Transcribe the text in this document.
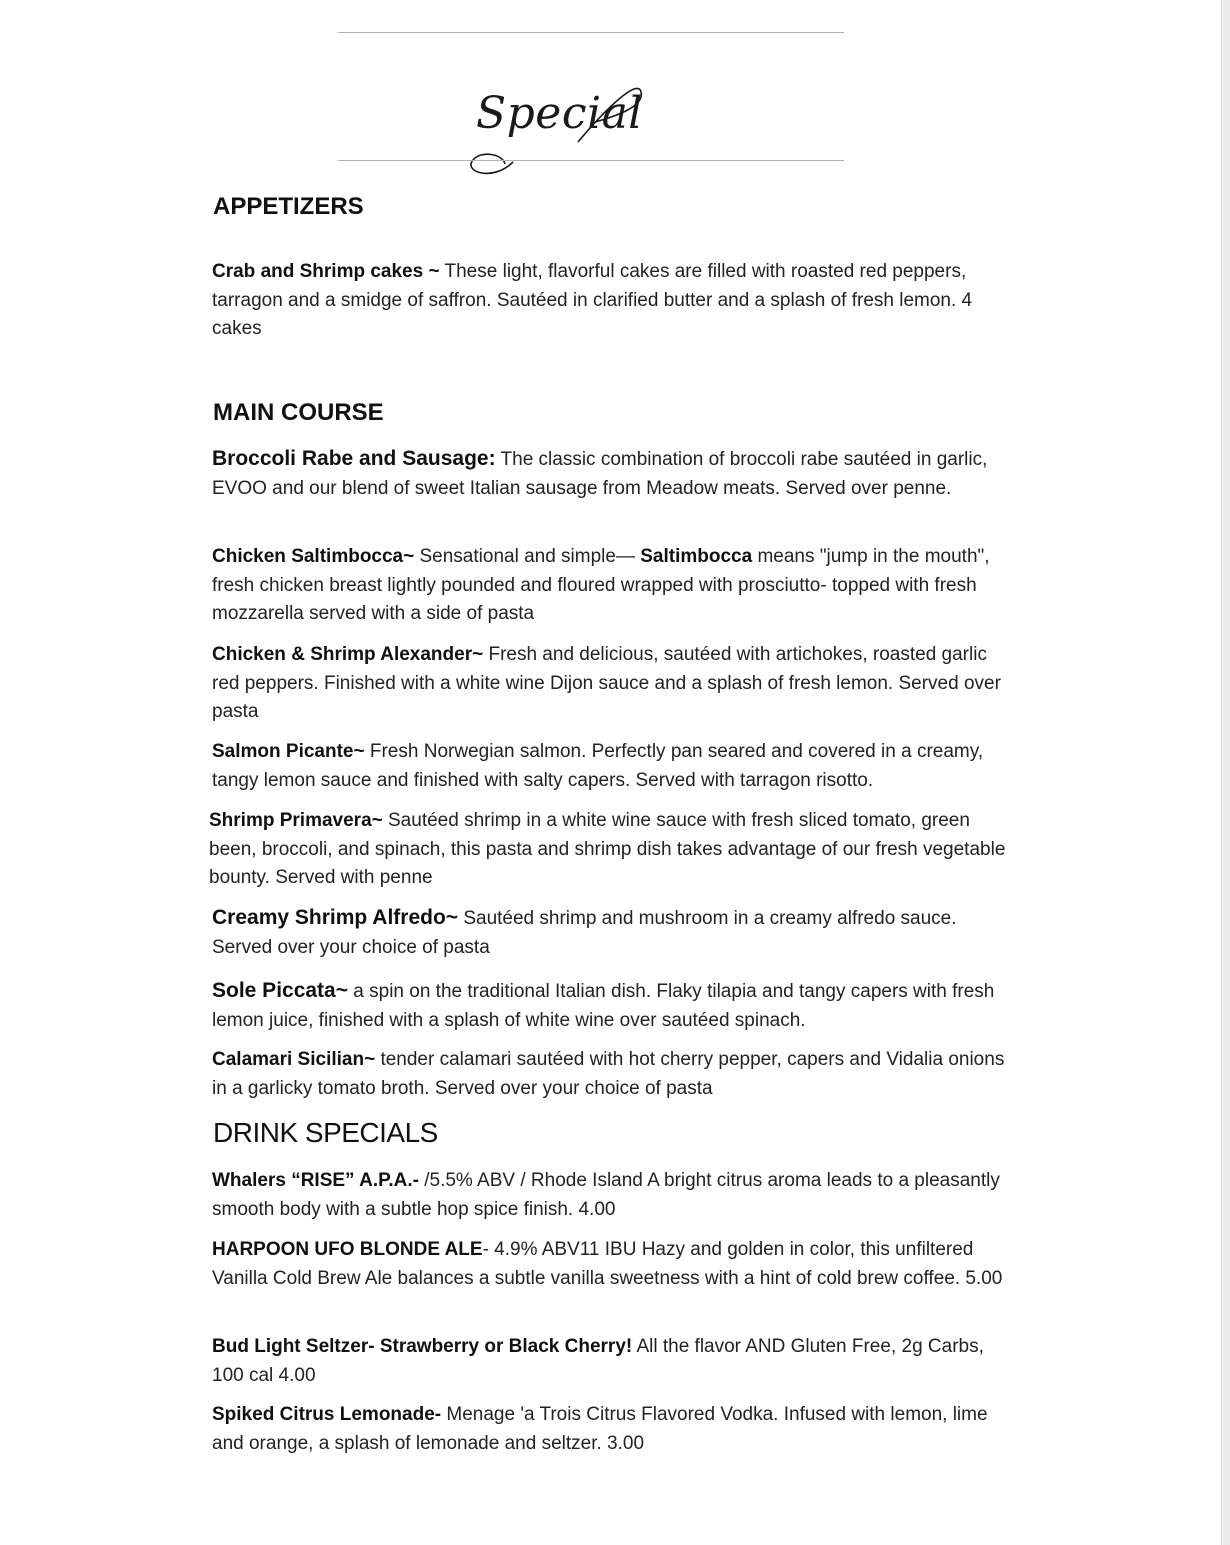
Special
APPETIZERS

Crab and Shrimp cakes ~ These light, flavorful cakes are filled with roasted red peppers, tarragon and a smidge of saffron. Sautéed in clarified butter and a splash of fresh lemon. 4 cakes

MAIN COURSE

Broccoli Rabe and Sausage: The classic combination of broccoli rabe sautéed in garlic, EVOO and our blend of sweet Italian sausage from Meadow meats. Served over penne.

Chicken Saltimbocca~ Sensational and simple— Saltimbocca means "jump in the mouth", fresh chicken breast lightly pounded and floured wrapped with prosciutto- topped with fresh mozzarella served with a side of pasta

Chicken & Shrimp Alexander~ Fresh and delicious, sautéed with artichokes, roasted garlic red peppers. Finished with a white wine Dijon sauce and a splash of fresh lemon. Served over pasta

Salmon Picante~ Fresh Norwegian salmon. Perfectly pan seared and covered in a creamy, tangy lemon sauce and finished with salty capers. Served with tarragon risotto.

Shrimp Primavera~ Sautéed shrimp in a white wine sauce with fresh sliced tomato, green been, broccoli, and spinach, this pasta and shrimp dish takes advantage of our fresh vegetable bounty. Served with penne

Creamy Shrimp Alfredo~ Sautéed shrimp and mushroom in a creamy alfredo sauce. Served over your choice of pasta

Sole Piccata~ a spin on the traditional Italian dish. Flaky tilapia and tangy capers with fresh lemon juice, finished with a splash of white wine over sautéed spinach.

Calamari Sicilian~ tender calamari sautéed with hot cherry pepper, capers and Vidalia onions in a garlicky tomato broth. Served over your choice of pasta

DRINK SPECIALS

Whalers “RISE” A.P.A.- /5.5% ABV / Rhode Island A bright citrus aroma leads to a pleasantly smooth body with a subtle hop spice finish. 4.00

HARPOON UFO BLONDE ALE- 4.9% ABV11 IBU Hazy and golden in color, this unfiltered Vanilla Cold Brew Ale balances a subtle vanilla sweetness with a hint of cold brew coffee. 5.00

Bud Light Seltzer- Strawberry or Black Cherry! All the flavor AND Gluten Free, 2g Carbs, 100 cal 4.00

Spiked Citrus Lemonade- Menage 'a Trois Citrus Flavored Vodka. Infused with lemon, lime and orange, a splash of lemonade and seltzer. 3.00
